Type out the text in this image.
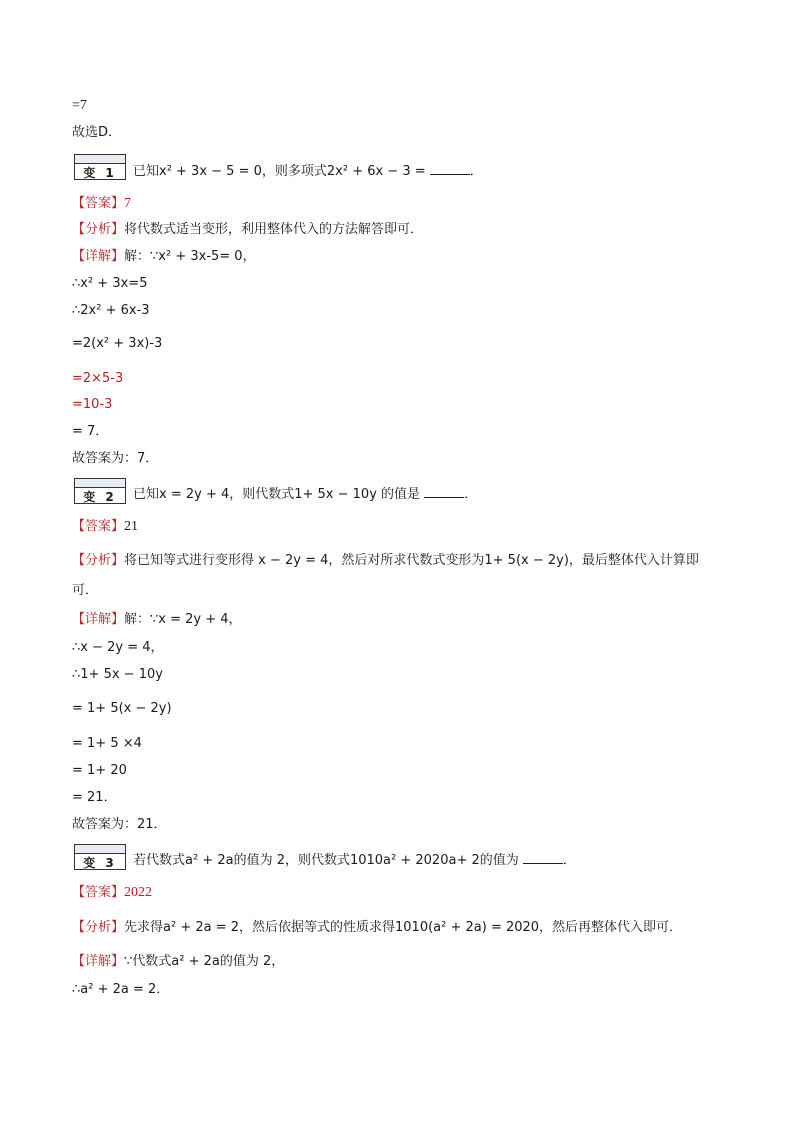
=7
故选D．
变 1	已知x² + 3x − 5 = 0，则多项式2x² + 6x − 3 =	．
【答案】7
【分析】将代数式适当变形，利用整体代入的方法解答即可．
【详解】解：∵x² + 3x-5= 0，
∴x² + 3x=5
∴2x² + 6x-3
=2(x² + 3x)-3
=2×5-3
=10-3
= 7．
故答案为：7．
变 2	已知x = 2y + 4，则代数式1+ 5x − 10y 的值是	．
【答案】21
【分析】将已知等式进行变形得 x − 2y = 4，然后对所求代数式变形为1+ 5(x − 2y)，最后整体代入计算即
可．
【详解】解：∵x = 2y + 4，
∴x − 2y = 4，
∴1+ 5x − 10y
= 1+ 5(x − 2y)
= 1+ 5 ×4
= 1+ 20
= 21．
故答案为：21．
变 3	若代数式a² + 2a的值为 2，则代数式1010a² + 2020a+ 2的值为	．
【答案】2022
【分析】先求得a² + 2a = 2，然后依据等式的性质求得1010(a² + 2a) = 2020，然后再整体代入即可．
【详解】∵代数式a² + 2a的值为 2，
∴a² + 2a = 2．
